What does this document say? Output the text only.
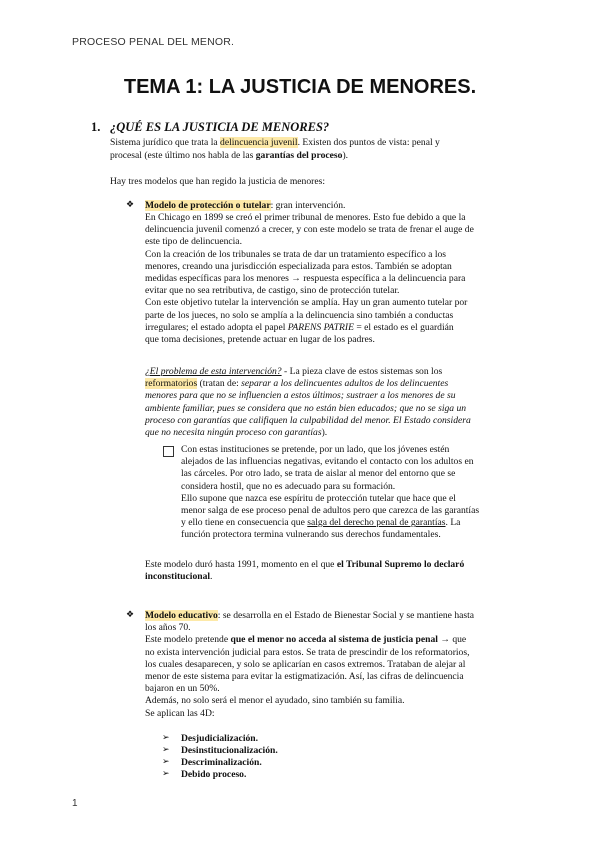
PROCESO PENAL DEL MENOR.
TEMA 1: LA JUSTICIA DE MENORES.
1. ¿QUÉ ES LA JUSTICIA DE MENORES?
Sistema jurídico que trata la delincuencia juvenil. Existen dos puntos de vista: penal y
procesal (este último nos habla de las garantías del proceso).
Hay tres modelos que han regido la justicia de menores:
❖ Modelo de protección o tutelar: gran intervención.

En Chicago en 1899 se creó el primer tribunal de menores. Esto fue debido a que la

delincuencia juvenil comenzó a crecer, y con este modelo se trata de frenar el auge de

este tipo de delincuencia.

Con la creación de los tribunales se trata de dar un tratamiento específico a los

menores, creando una jurisdicción especializada para estos. También se adoptan

medidas específicas para los menores → respuesta específica a la delincuencia para

evitar que no sea retributiva, de castigo, sino de protección tutelar.

Con este objetivo tutelar la intervención se amplía. Hay un gran aumento tutelar por

parte de los jueces, no solo se amplía a la delincuencia sino también a conductas

irregulares; el estado adopta el papel PARENS PATRIE = el estado es el guardián

que toma decisiones, pretende actuar en lugar de los padres.

¿El problema de esta intervención? - La pieza clave de estos sistemas son los

reformatorios (tratan de: separar a los delincuentes adultos de los delincuentes

menores para que no se influencien a estos últimos; sustraer a los menores de su

ambiente familiar, pues se considera que no están bien educados; que no se siga un

proceso con garantías que califiquen la culpabilidad del menor. El Estado considera

que no necesita ningún proceso con garantías).

Con estas instituciones se pretende, por un lado, que los jóvenes estén

alejados de las influencias negativas, evitando el contacto con los adultos en

las cárceles. Por otro lado, se trata de aislar al menor del entorno que se

considera hostil, que no es adecuado para su formación.

Ello supone que nazca ese espíritu de protección tutelar que hace que el

menor salga de ese proceso penal de adultos pero que carezca de las garantías

y ello tiene en consecuencia que salga del derecho penal de garantías. La

función protectora termina vulnerando sus derechos fundamentales.

Este modelo duró hasta 1991, momento en el que el Tribunal Supremo lo declaró

inconstitucional.

❖ Modelo educativo: se desarrolla en el Estado de Bienestar Social y se mantiene hasta

los años 70.

Este modelo pretende que el menor no acceda al sistema de justicia penal → que

no exista intervención judicial para estos. Se trata de prescindir de los reformatorios,

los cuales desaparecen, y solo se aplicarían en casos extremos. Trataban de alejar al

menor de este sistema para evitar la estigmatización. Así, las cifras de delincuencia

bajaron en un 50%.

Además, no solo será el menor el ayudado, sino también su familia.

Se aplican las 4D:

➢ Desjudicialización.
➢ Desinstitucionalización.
➢ Descriminalización.
➢ Debido proceso.
1
